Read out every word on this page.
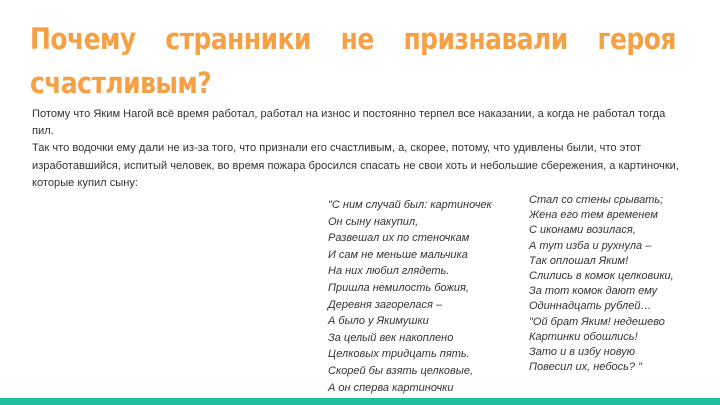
Почему странники не признавали героя счастливым?

Потому что Яким Нагой всё время работал, работал на износ и постоянно терпел все наказании, а когда не работал тогда пил.

Так что водочки ему дали не из-за того, что признали его счастливым, а, скорее, потому, что удивлены были, что этот изработавшийся, испитый человек, во время пожара бросился спасать не свои хоть и небольшие сбережения, а картиночки, которые купил сыну:

"С ним случай был: картиночек
Он сыну накупил,
Развешал их по стеночкам
И сам не меньше мальчика
На них любил глядеть.
Пришла немилость божия,
Деревня загорелася –
А было у Якимушки
За целый век накоплено
Целковых тридцать пять.
Скорей бы взять целковые,
А он сперва картиночки
Стал со стены срывать;
Жена его тем временем
С иконами возилася,
А тут изба и рухнула –
Так оплошал Яким!
Слились в комок целковики,
За тот комок дают ему
Одиннадцать рублей…
"Ой брат Яким! недешево
Картинки обошлись!
Зато и в избу новую
Повесил их, небось? "
